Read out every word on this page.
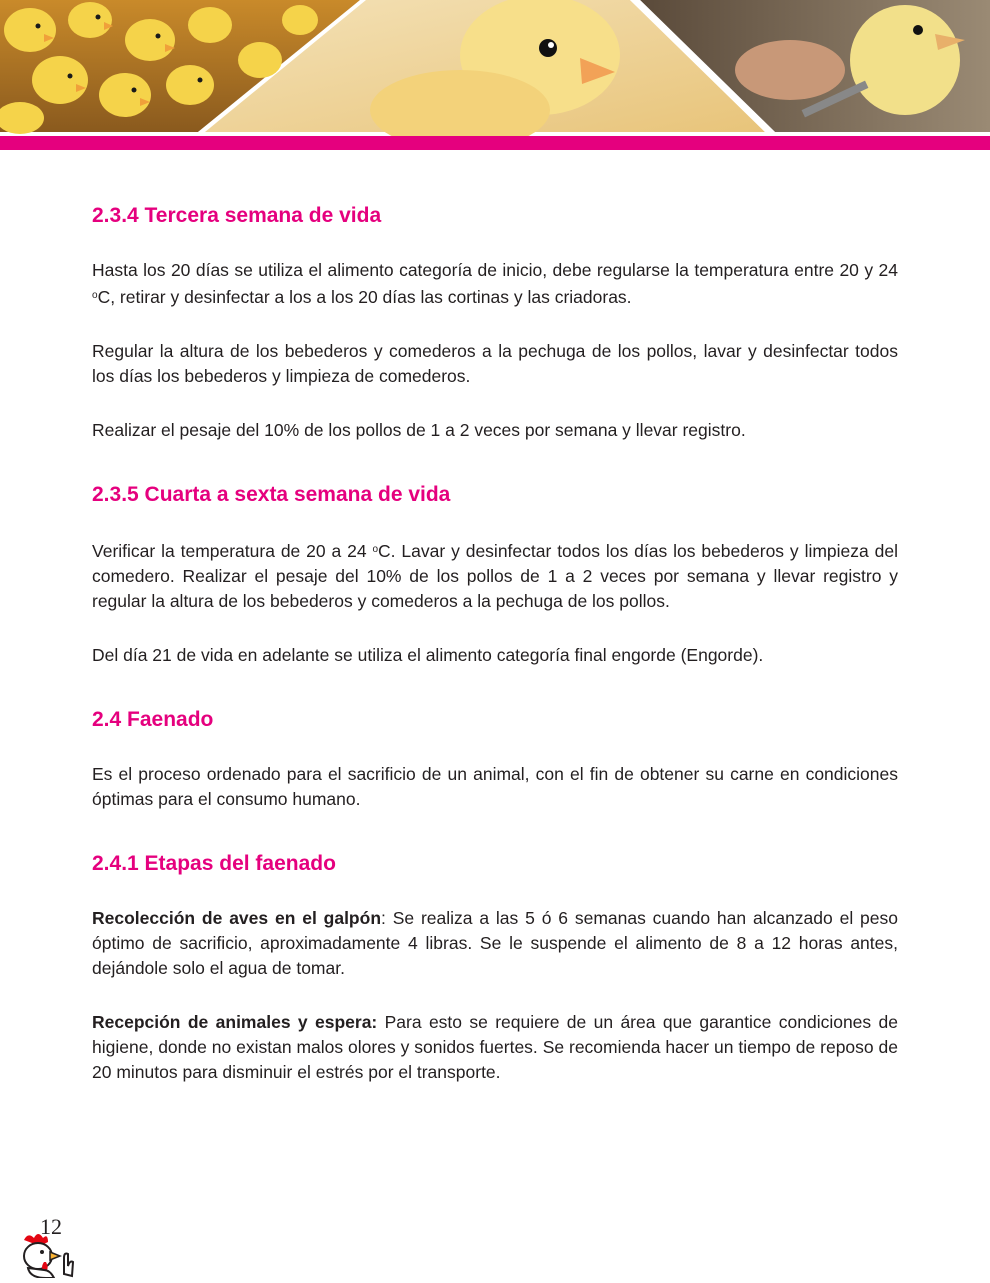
2.3.4 Tercera semana de vida

Hasta los 20 días se utiliza el alimento categoría de inicio, debe regularse la temperatura entre 20 y 24 $^o$C, retirar y desinfectar a los a los 20 días las cortinas y las criadoras.

Regular la altura de los bebederos y comederos a la pechuga de los pollos, lavar y desinfectar todos los días los bebederos y limpieza de comederos.

Realizar el pesaje del 10% de los pollos de 1 a 2 veces por semana y llevar registro.

2.3.5 Cuarta a sexta semana de vida

Verificar la temperatura de 20 a 24 $^o$C. Lavar y desinfectar todos los días los bebederos y limpieza del comedero. Realizar el pesaje del 10% de los pollos de 1 a 2 veces por semana y llevar registro y regular la altura de los bebederos y comederos a la pechuga de los pollos.

Del día 21 de vida en adelante se utiliza el alimento categoría final engorde (Engorde).

2.4 Faenado

Es el proceso ordenado para el sacrificio de un animal, con el fin de obtener su carne en condiciones óptimas para el consumo humano.

2.4.1 Etapas del faenado

Recolección de aves en el galpón: Se realiza a las 5 ó 6 semanas cuando han alcanzado el peso óptimo de sacrificio, aproximadamente 4 libras. Se le suspende el alimento de 8 a 12 horas antes, dejándole solo el agua de tomar.

Recepción de animales y espera: Para esto se requiere de un área que garantice condiciones de higiene, donde no existan malos olores y sonidos fuertes. Se recomienda hacer un tiempo de reposo de 20 minutos para disminuir el estrés por el transporte.

12
